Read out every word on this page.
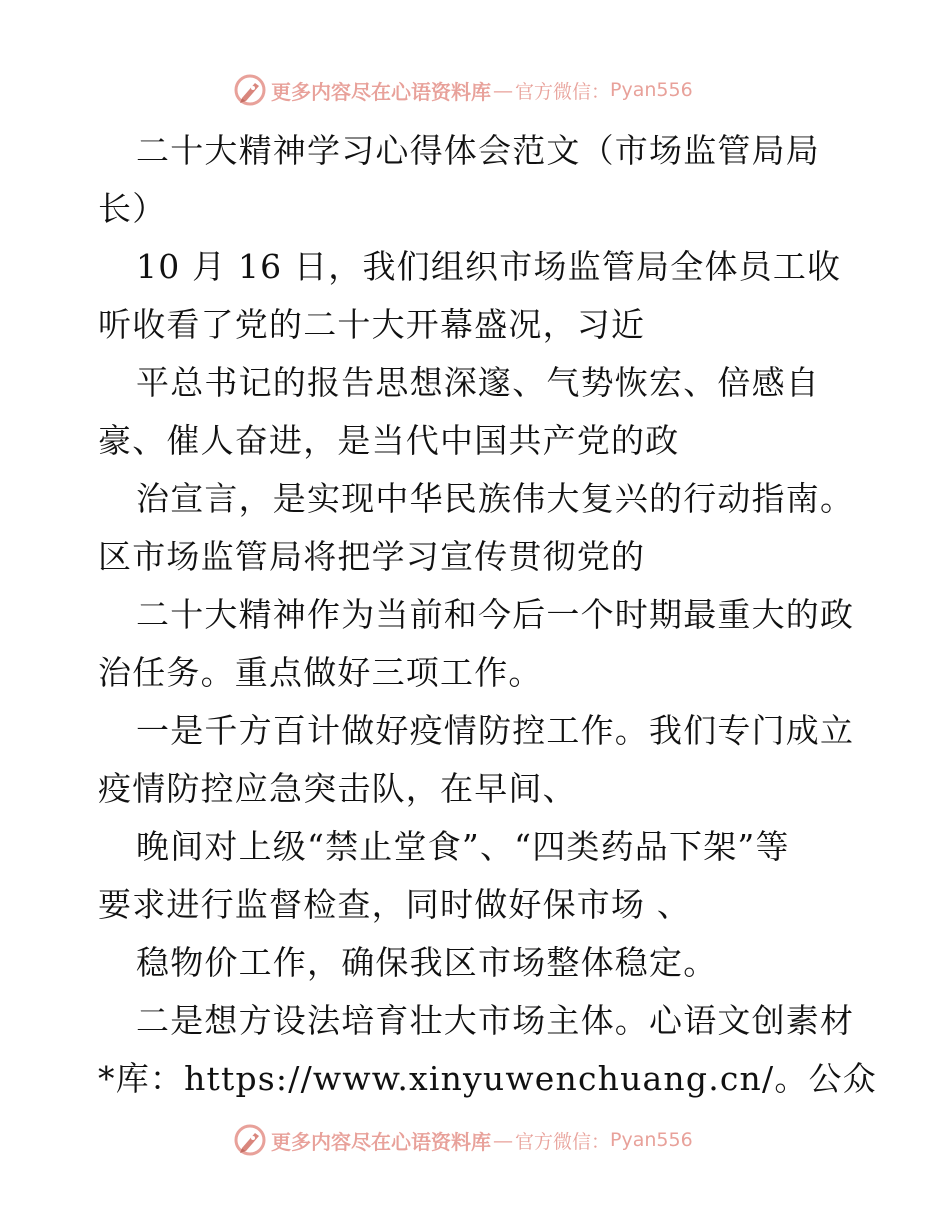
更多内容尽在心语资料库 — 官方微信： Pyan556
二十大精神学习心得体会范文（市场监管局局
长）
10 月 16 日，我们组织市场监管局全体员工收
听收看了党的二十大开幕盛况，习近
平总书记的报告思想深邃、气势恢宏、倍感自
豪、催人奋进，是当代中国共产党的政
治宣言，是实现中华民族伟大复兴的行动指南。
区市场监管局将把学习宣传贯彻党的
二十大精神作为当前和今后一个时期最重大的政
治任务。重点做好三项工作。
一是千方百计做好疫情防控工作。我们专门成立
疫情防控应急突击队，在早间、
晚间对上级“禁止堂食”、“四类药品下架”等
要求进行监督检查，同时做好保市场 、
稳物价工作，确保我区市场整体稳定。
二是想方设法培育壮大市场主体。心语文创素材
*库：https://www.xinyuwenchuang.cn/。公众
更多内容尽在心语资料库 — 官方微信： Pyan556
